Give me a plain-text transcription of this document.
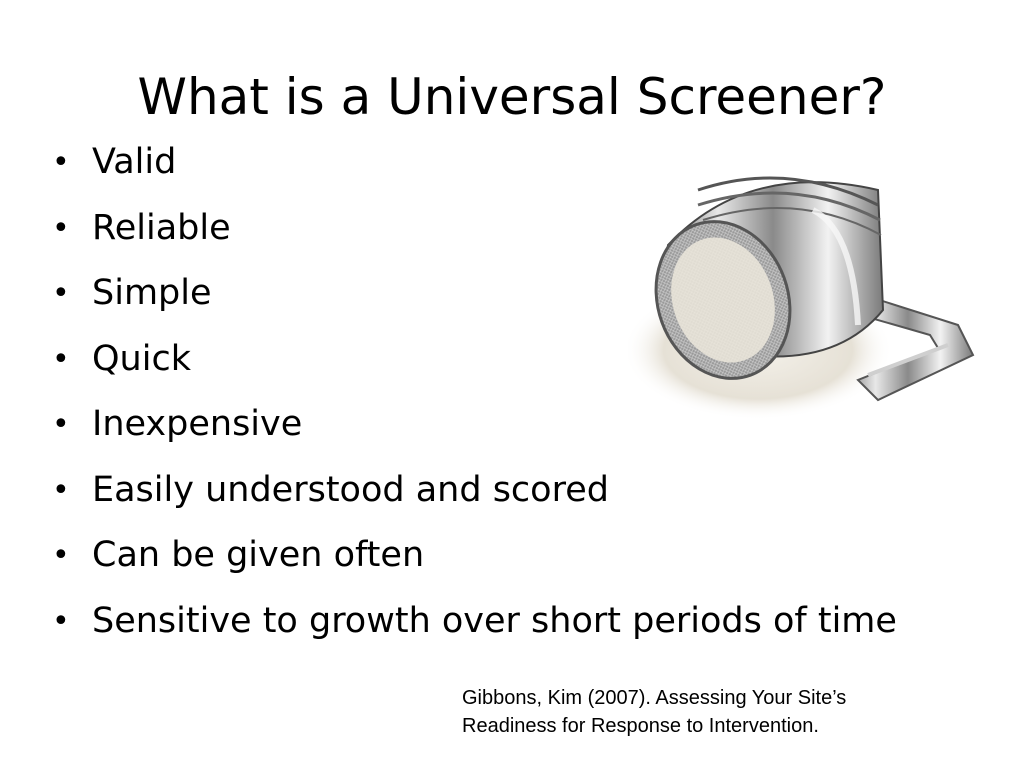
What is a Universal Screener?
• Valid
• Reliable
• Simple
• Quick
• Inexpensive
• Easily understood and scored
• Can be given often
• Sensitive to growth over short periods of time
Gibbons, Kim (2007). Assessing Your Site’s
Readiness for Response to Intervention.
